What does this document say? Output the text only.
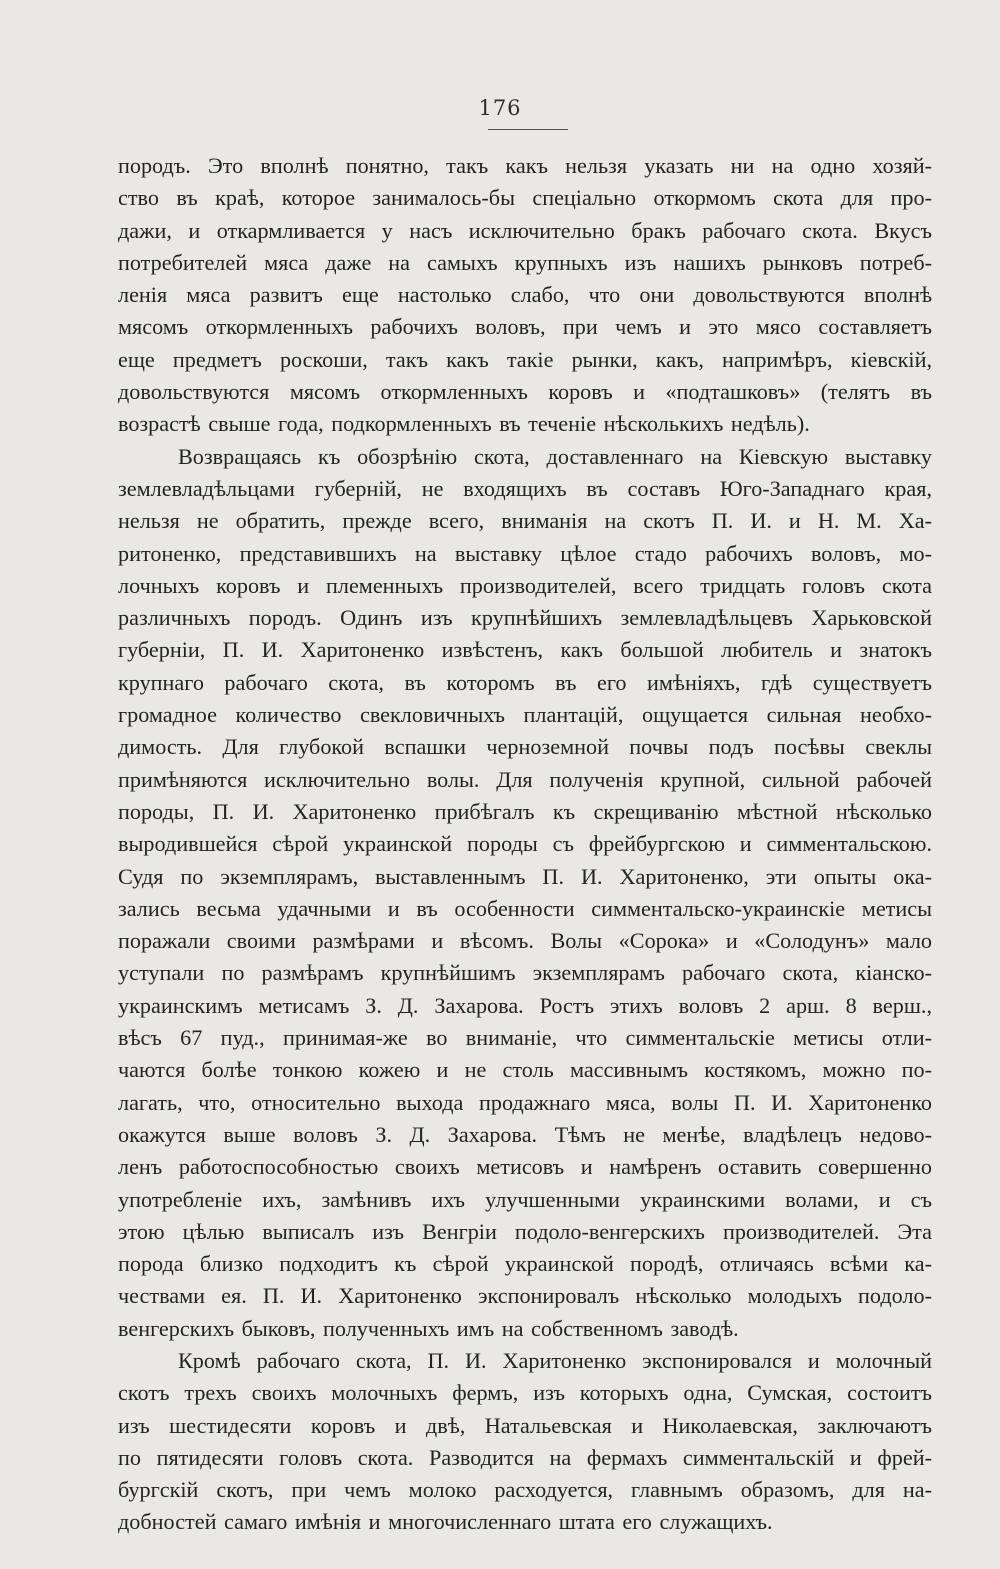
176
породъ. Это вполнѣ понятно, такъ какъ нельзя указать ни на одно хозяй-
ство въ краѣ, которое занималось-бы спеціально откормомъ скота для про-
дажи, и откармливается у насъ исключительно бракъ рабочаго скота. Вкусъ
потребителей мяса даже на самыхъ крупныхъ изъ нашихъ рынковъ потреб-
ленія мяса развитъ еще настолько слабо, что они довольствуются вполнѣ
мясомъ откормленныхъ рабочихъ воловъ, при чемъ и это мясо составляетъ
еще предметъ роскоши, такъ какъ такіе рынки, какъ, напримѣръ, кіевскій,
довольствуются мясомъ откормленныхъ коровъ и «подташковъ» (телятъ въ
возрастѣ свыше года, подкормленныхъ въ теченіе нѣсколькихъ недѣль).
Возвращаясь къ обозрѣнію скота, доставленнаго на Кіевскую выставку
землевладѣльцами губерній, не входящихъ въ составъ Юго-Западнаго края,
нельзя не обратить, прежде всего, вниманія на скотъ П. И. и Н. М. Ха-
ритоненко, представившихъ на выставку цѣлое стадо рабочихъ воловъ, мо-
лочныхъ коровъ и племенныхъ производителей, всего тридцать головъ скота
различныхъ породъ. Одинъ изъ крупнѣйшихъ землевладѣльцевъ Харьковской
губерніи, П. И. Харитоненко извѣстенъ, какъ большой любитель и знатокъ
крупнаго рабочаго скота, въ которомъ въ его имѣніяхъ, гдѣ существуетъ
громадное количество свекловичныхъ плантацій, ощущается сильная необхо-
димость. Для глубокой вспашки черноземной почвы подъ посѣвы свеклы
примѣняются исключительно волы. Для полученія крупной, сильной рабочей
породы, П. И. Харитоненко прибѣгалъ къ скрещиванію мѣстной нѣсколько
выродившейся сѣрой украинской породы съ фрейбургскою и симментальскою.
Судя по экземплярамъ, выставленнымъ П. И. Харитоненко, эти опыты ока-
зались весьма удачными и въ особенности симментальско-украинскіе метисы
поражали своими размѣрами и вѣсомъ. Волы «Сорока» и «Солодунъ» мало
уступали по размѣрамъ крупнѣйшимъ экземплярамъ рабочаго скота, кіанско-
украинскимъ метисамъ З. Д. Захарова. Ростъ этихъ воловъ 2 арш. 8 верш.,
вѣсъ 67 пуд., принимая-же во вниманіе, что симментальскіе метисы отли-
чаются болѣе тонкою кожею и не столь массивнымъ костякомъ, можно по-
лагать, что, относительно выхода продажнаго мяса, волы П. И. Харитоненко
окажутся выше воловъ З. Д. Захарова. Тѣмъ не менѣе, владѣлецъ недово-
ленъ работоспособностью своихъ метисовъ и намѣренъ оставить совершенно
употребленіе ихъ, замѣнивъ ихъ улучшенными украинскими волами, и съ
этою цѣлью выписалъ изъ Венгріи подоло-венгерскихъ производителей. Эта
порода близко подходитъ къ сѣрой украинской породѣ, отличаясь всѣми ка-
чествами ея. П. И. Харитоненко экспонировалъ нѣсколько молодыхъ подоло-
венгерскихъ быковъ, полученныхъ имъ на собственномъ заводѣ.
Кромѣ рабочаго скота, П. И. Харитоненко экспонировался и молочный
скотъ трехъ своихъ молочныхъ фермъ, изъ которыхъ одна, Сумская, состоитъ
изъ шестидесяти коровъ и двѣ, Натальевская и Николаевская, заключаютъ
по пятидесяти головъ скота. Разводится на фермахъ симментальскій и фрей-
бургскій скотъ, при чемъ молоко расходуется, главнымъ образомъ, для на-
добностей самаго имѣнія и многочисленнаго штата его служащихъ.
